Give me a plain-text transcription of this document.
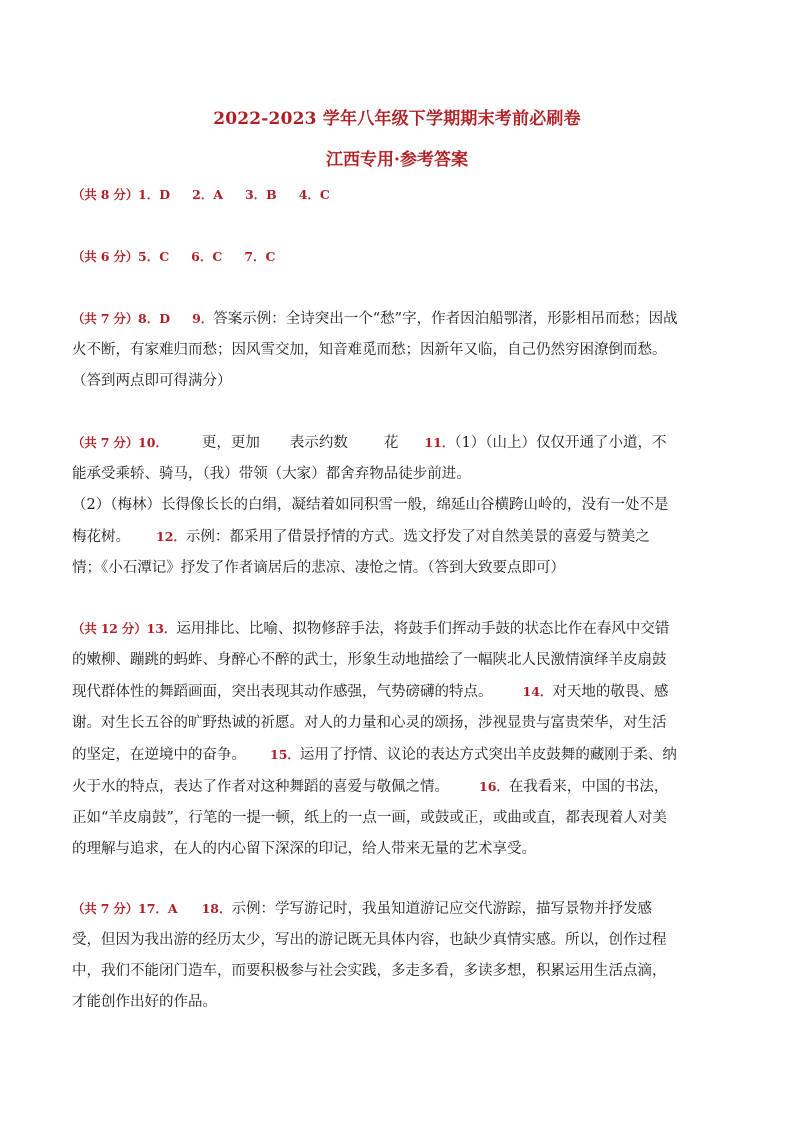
2022-2023 学年八年级下学期期末考前必刷卷
江西专用·参考答案
（共 8 分）1．D 2．A 3．B 4．C
（共 6 分）5．C 6．C 7．C
（共 7 分）8．D 9．答案示例：全诗突出一个“愁”字，作者因泊船鄂渚，形影相吊而愁；因战火不断，有家难归而愁；因风雪交加，知音难觅而愁；因新年又临，自己仍然穷困潦倒而愁。（答到两点即可得满分）
（共 7 分）10． 更，更加 表示约数 花 11．（1）（山上）仅仅开通了小道，不能承受乘轿、骑马，（我）带领（大家）都舍弃物品徒步前进。
（2）（梅林）长得像长长的白绢，凝结着如同积雪一般，绵延山谷横跨山岭的，没有一处不是梅花树。 12．示例：都采用了借景抒情的方式。选文抒发了对自然美景的喜爱与赞美之情；《小石潭记》抒发了作者谪居后的悲凉、凄怆之情。（答到大致要点即可）
（共 12 分）13．运用排比、比喻、拟物修辞手法，将鼓手们挥动手鼓的状态比作在春风中交错的嫩柳、蹦跳的蚂蚱、身醉心不醉的武士，形象生动地描绘了一幅陕北人民激情演绎羊皮扇鼓现代群体性的舞蹈画面，突出表现其动作感强，气势磅礴的特点。 14．对天地的敬畏、感谢。对生长五谷的旷野热诚的祈愿。对人的力量和心灵的颂扬，涉视显贵与富贵荣华，对生活的坚定，在逆境中的奋争。 15．运用了抒情、议论的表达方式突出羊皮鼓舞的藏刚于柔、纳火于水的特点，表达了作者对这种舞蹈的喜爱与敬佩之情。 16．在我看来，中国的书法，正如“羊皮扇鼓”，行笔的一提一顿，纸上的一点一画，或鼓或正，或曲或直，都表现着人对美的理解与追求，在人的内心留下深深的印记，给人带来无量的艺术享受。
（共 7 分）17．A 18．示例：学写游记时，我虽知道游记应交代游踪，描写景物并抒发感受，但因为我出游的经历太少，写出的游记既无具体内容，也缺少真情实感。所以，创作过程中，我们不能闭门造车，而要积极参与社会实践，多走多看，多读多想，积累运用生活点滴，才能创作出好的作品。
